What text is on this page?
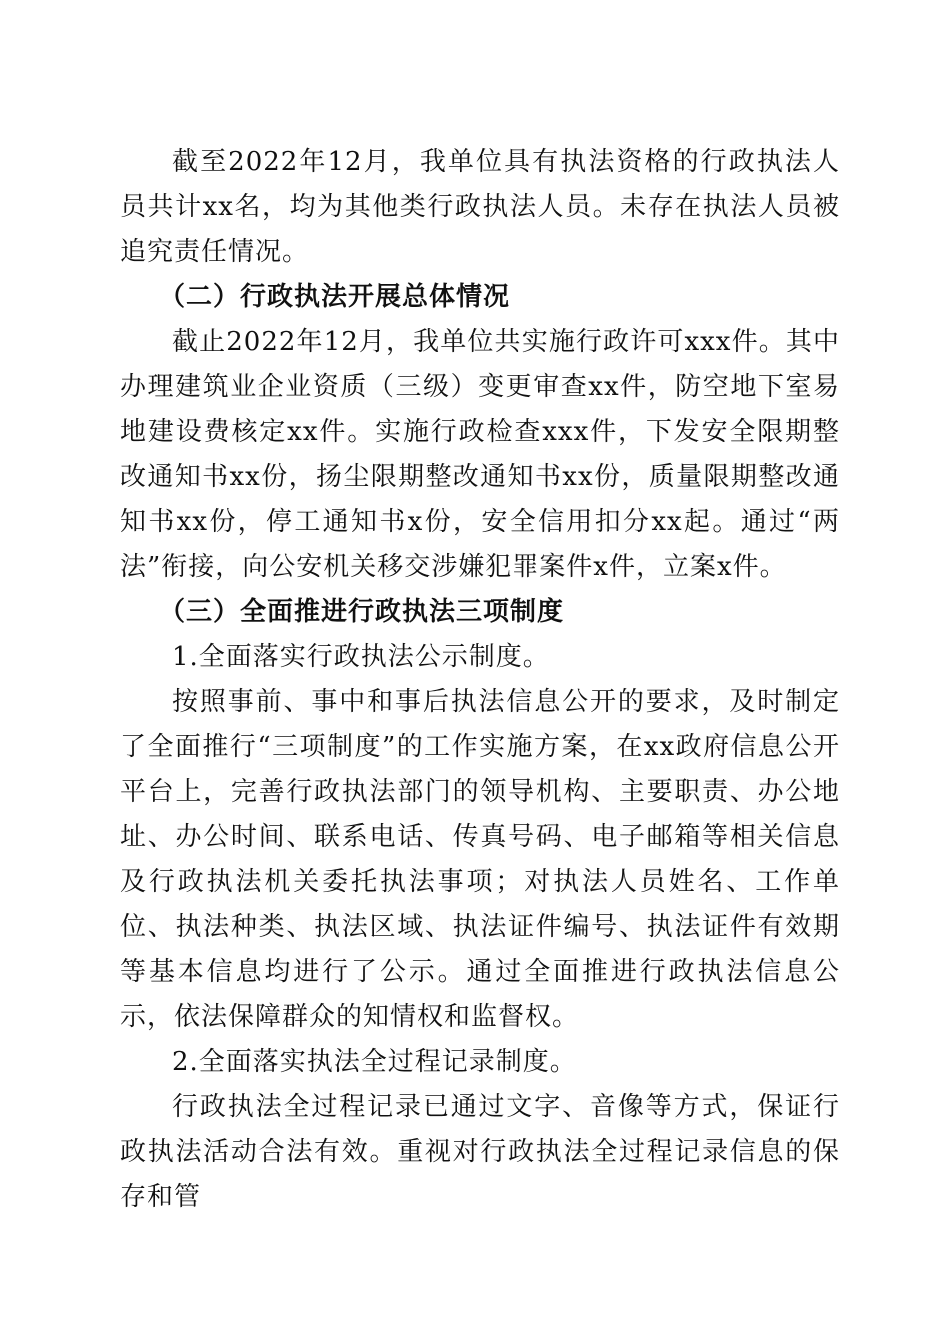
截至2022年12月，我单位具有执法资格的行政执法人员共计xx名，均为其他类行政执法人员。未存在执法人员被追究责任情况。

（二）行政执法开展总体情况

截止2022年12月，我单位共实施行政许可xxx件。其中办理建筑业企业资质（三级）变更审查xx件，防空地下室易地建设费核定xx件。实施行政检查xxx件，下发安全限期整改通知书xx份，扬尘限期整改通知书xx份，质量限期整改通知书xx份，停工通知书x份，安全信用扣分xx起。通过“两法”衔接，向公安机关移交涉嫌犯罪案件x件，立案x件。

（三）全面推进行政执法三项制度

1.全面落实行政执法公示制度。

按照事前、事中和事后执法信息公开的要求，及时制定了全面推行“三项制度”的工作实施方案，在xx政府信息公开平台上，完善行政执法部门的领导机构、主要职责、办公地址、办公时间、联系电话、传真号码、电子邮箱等相关信息及行政执法机关委托执法事项；对执法人员姓名、工作单位、执法种类、执法区域、执法证件编号、执法证件有效期等基本信息均进行了公示。通过全面推进行政执法信息公示，依法保障群众的知情权和监督权。

2.全面落实执法全过程记录制度。

行政执法全过程记录已通过文字、音像等方式，保证行政执法活动合法有效。重视对行政执法全过程记录信息的保存和管
